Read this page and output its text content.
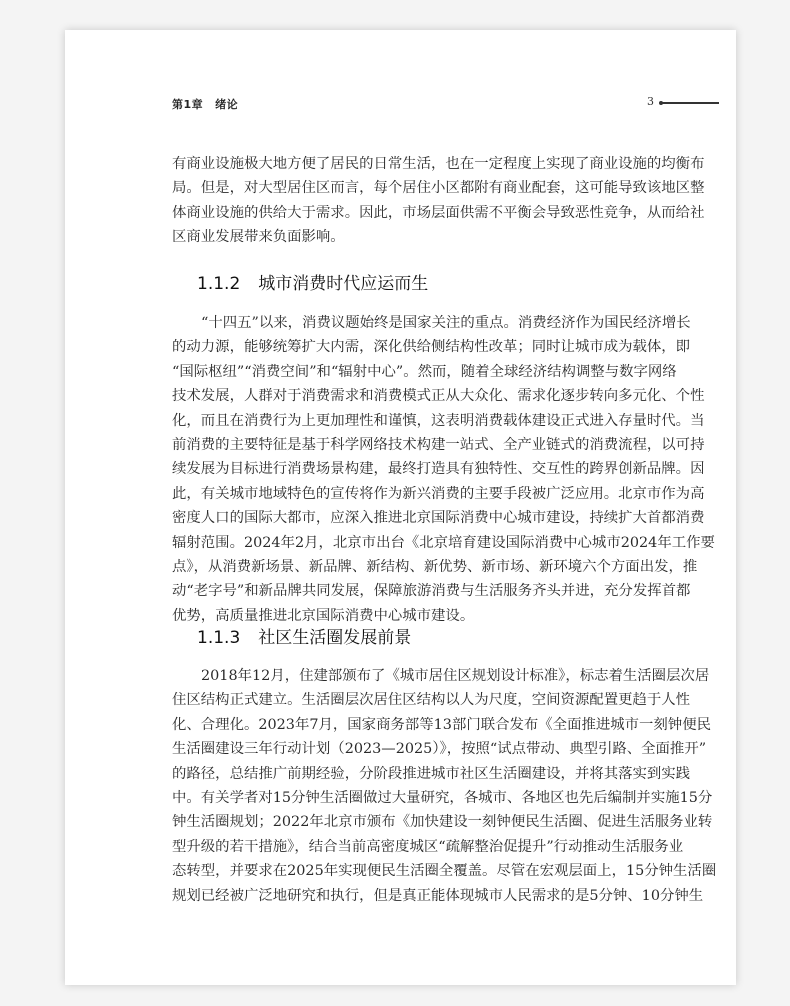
第1章 绪论	3
有商业设施极大地方便了居民的日常生活，也在一定程度上实现了商业设施的均衡布
局。但是，对大型居住区而言，每个居住小区都附有商业配套，这可能导致该地区整
体商业设施的供给大于需求。因此，市场层面供需不平衡会导致恶性竞争，从而给社
区商业发展带来负面影响。
1.1.2 城市消费时代应运而生
“十四五”以来，消费议题始终是国家关注的重点。消费经济作为国民经济增长
的动力源，能够统筹扩大内需，深化供给侧结构性改革；同时让城市成为载体，即
“国际枢纽”“消费空间”和“辐射中心”。然而，随着全球经济结构调整与数字网络
技术发展，人群对于消费需求和消费模式正从大众化、需求化逐步转向多元化、个性
化，而且在消费行为上更加理性和谨慎，这表明消费载体建设正式进入存量时代。当
前消费的主要特征是基于科学网络技术构建一站式、全产业链式的消费流程，以可持
续发展为目标进行消费场景构建，最终打造具有独特性、交互性的跨界创新品牌。因
此，有关城市地域特色的宣传将作为新兴消费的主要手段被广泛应用。北京市作为高
密度人口的国际大都市，应深入推进北京国际消费中心城市建设，持续扩大首都消费
辐射范围。2024年2月，北京市出台《北京培育建设国际消费中心城市2024年工作要
点》，从消费新场景、新品牌、新结构、新优势、新市场、新环境六个方面出发，推
动“老字号”和新品牌共同发展，保障旅游消费与生活服务齐头并进，充分发挥首都
优势，高质量推进北京国际消费中心城市建设。
1.1.3 社区生活圈发展前景
2018年12月，住建部颁布了《城市居住区规划设计标准》，标志着生活圈层次居
住区结构正式建立。生活圈层次居住区结构以人为尺度，空间资源配置更趋于人性
化、合理化。2023年7月，国家商务部等13部门联合发布《全面推进城市一刻钟便民
生活圈建设三年行动计划（2023—2025）》，按照“试点带动、典型引路、全面推开”
的路径，总结推广前期经验，分阶段推进城市社区生活圈建设，并将其落实到实践
中。有关学者对15分钟生活圈做过大量研究，各城市、各地区也先后编制并实施15分
钟生活圈规划；2022年北京市颁布《加快建设一刻钟便民生活圈、促进生活服务业转
型升级的若干措施》，结合当前高密度城区“疏解整治促提升”行动推动生活服务业
态转型，并要求在2025年实现便民生活圈全覆盖。尽管在宏观层面上，15分钟生活圈
规划已经被广泛地研究和执行，但是真正能体现城市人民需求的是5分钟、10分钟生
